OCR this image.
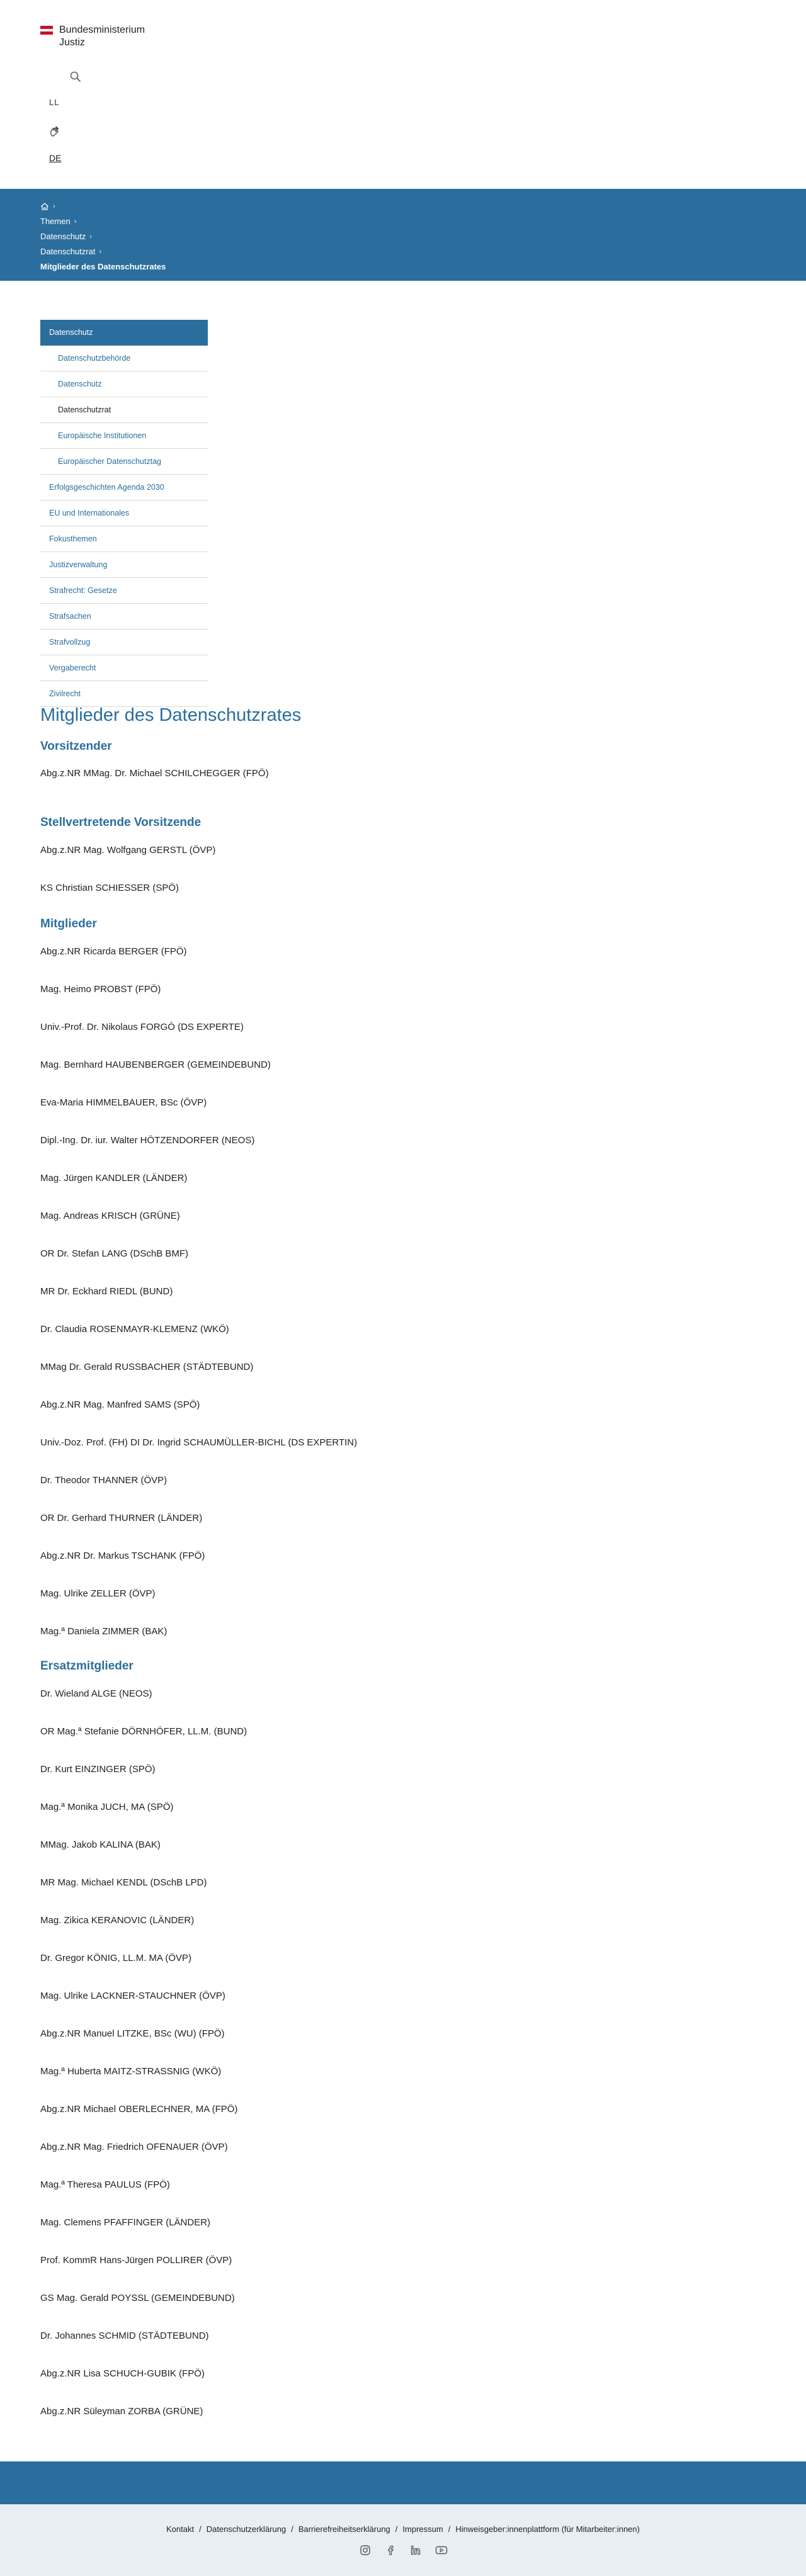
Bundesministerium
Justiz
LL
DE
›
Themen ›
Datenschutz ›
Datenschutzrat ›
Mitglieder des Datenschutzrates
Datenschutz
Datenschutzbehörde
Datenschutz
Datenschutzrat
Europäische Institutionen
Europäischer Datenschutztag
Erfolgsgeschichten Agenda 2030
EU und Internationales
Fokusthemen
Justizverwaltung
Strafrecht: Gesetze
Strafsachen
Strafvollzug
Vergaberecht
Zivilrecht
Mitglieder des Datenschutzrates
Vorsitzender

Abg.z.NR MMag. Dr. Michael SCHILCHEGGER (FPÖ)

Stellvertretende Vorsitzende

Abg.z.NR Mag. Wolfgang GERSTL (ÖVP)

KS Christian SCHIESSER (SPÖ)

Mitglieder

Abg.z.NR Ricarda BERGER (FPÖ)

Mag. Heimo PROBST (FPÖ)

Univ.-Prof. Dr. Nikolaus FORGÓ (DS EXPERTE)

Mag. Bernhard HAUBENBERGER (GEMEINDEBUND)

Eva-Maria HIMMELBAUER, BSc (ÖVP)

Dipl.-Ing. Dr. iur. Walter HÖTZENDORFER (NEOS)

Mag. Jürgen KANDLER (LÄNDER)

Mag. Andreas KRISCH (GRÜNE)

OR Dr. Stefan LANG (DSchB BMF)

MR Dr. Eckhard RIEDL (BUND)

Dr. Claudia ROSENMAYR-KLEMENZ (WKÖ)

MMag Dr. Gerald RUSSBACHER (STÄDTEBUND)

Abg.z.NR Mag. Manfred SAMS (SPÖ)

Univ.-Doz. Prof. (FH) DI Dr. Ingrid SCHAUMÜLLER-BICHL (DS EXPERTIN)

Dr. Theodor THANNER (ÖVP)

OR Dr. Gerhard THURNER (LÄNDER)

Abg.z.NR Dr. Markus TSCHANK (FPÖ)

Mag. Ulrike ZELLER (ÖVP)

Mag.ª Daniela ZIMMER (BAK)

Ersatzmitglieder

Dr. Wieland ALGE (NEOS)

OR Mag.ª Stefanie DÖRNHÖFER, LL.M. (BUND)

Dr. Kurt EINZINGER (SPÖ)

Mag.ª Monika JUCH, MA (SPÖ)

MMag. Jakob KALINA (BAK)

MR Mag. Michael KENDL (DSchB LPD)

Mag. Zikica KERANOVIC (LÄNDER)

Dr. Gregor KÖNIG, LL.M. MA (ÖVP)

Mag. Ulrike LACKNER-STAUCHNER (ÖVP)

Abg.z.NR Manuel LITZKE, BSc (WU) (FPÖ)

Mag.ª Huberta MAITZ-STRASSNIG (WKÖ)

Abg.z.NR Michael OBERLECHNER, MA (FPÖ)

Abg.z.NR Mag. Friedrich OFENAUER (ÖVP)

Mag.ª Theresa PAULUS (FPÖ)

Mag. Clemens PFAFFINGER (LÄNDER)

Prof. KommR Hans-Jürgen POLLIRER (ÖVP)

GS Mag. Gerald POYSSL (GEMEINDEBUND)

Dr. Johannes SCHMID (STÄDTEBUND)

Abg.z.NR Lisa SCHUCH-GUBIK (FPÖ)

Abg.z.NR Süleyman ZORBA (GRÜNE)

Kontakt / Datenschutzerklärung / Barrierefreiheitserklärung / Impressum / Hinweisgeber:innenplattform (für Mitarbeiter:innen)
